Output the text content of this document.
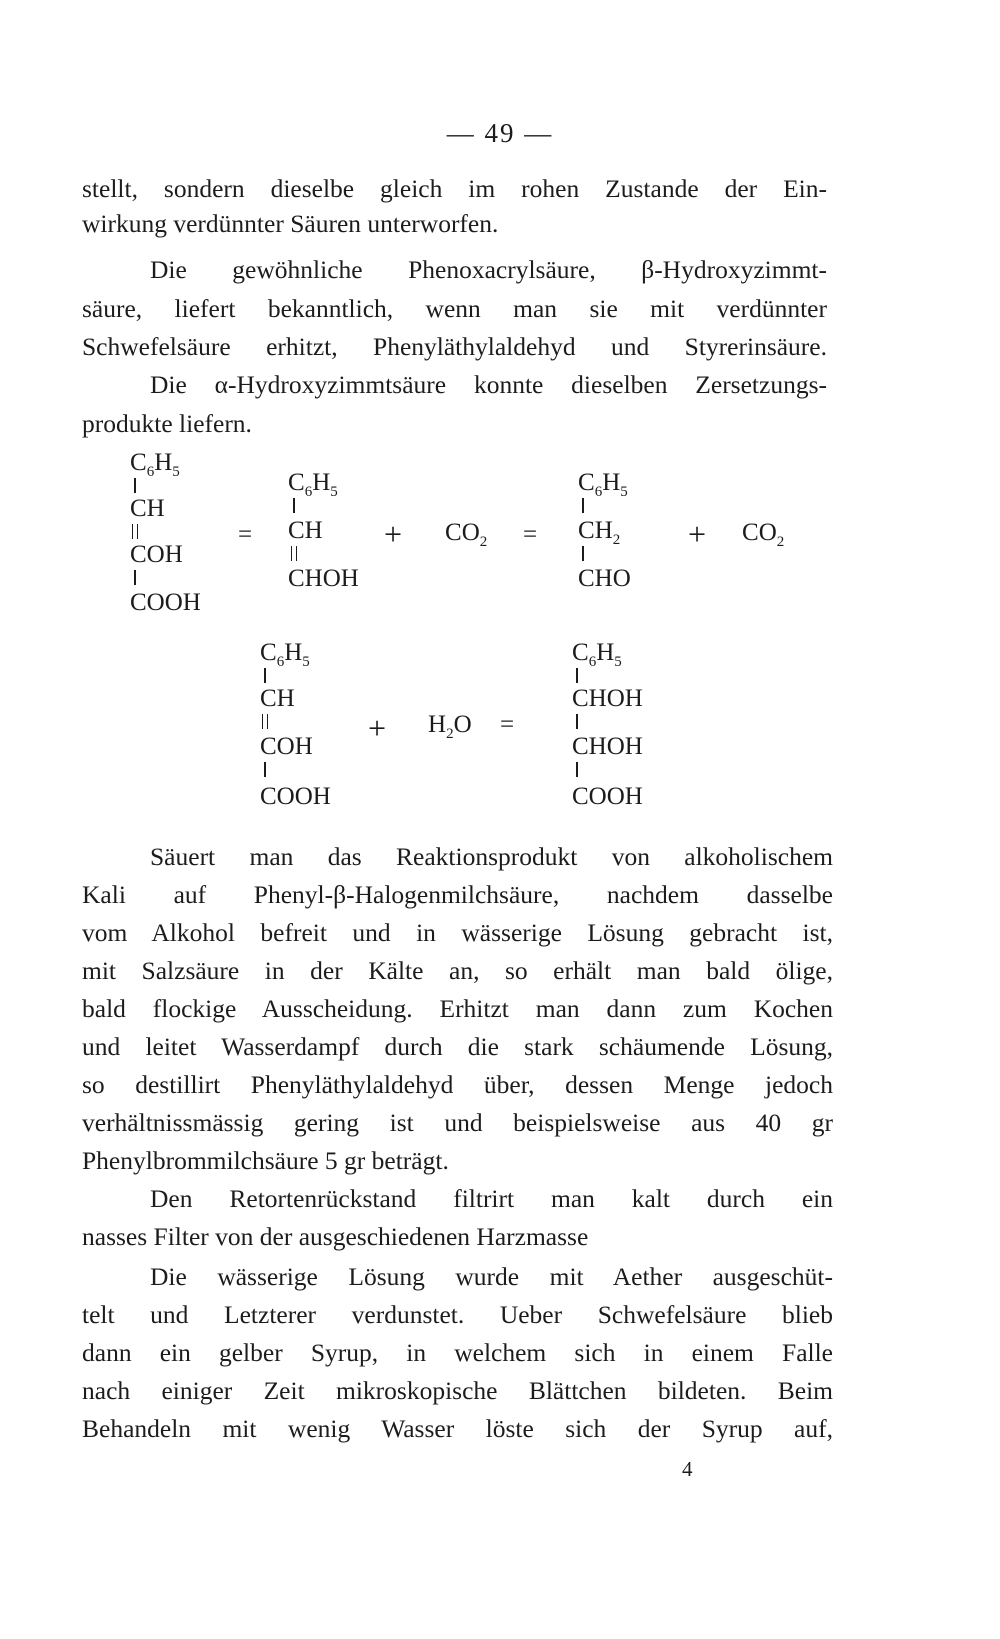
— 49 —
stellt, sondern dieselbe gleich im rohen Zustande der Ein-
wirkung verdünnter Säuren unterworfen.
Die gewöhnliche Phenoxacrylsäure, β-Hydroxyzimmt-
säure, liefert bekanntlich, wenn man sie mit verdünnter
Schwefelsäure erhitzt, Phenyläthylaldehyd und Styrerinsäure.
Die α-Hydroxyzimmtsäure konnte dieselben Zersetzungs-
produkte liefern.
$C_6H_5$
CH
COH
COOH
=
$C_6H_5$
CH
CHOH
+ $CO_2$ =
$C_6H_5$
$CH_2$
CHO
+ $CO_2$
$C_6H_5$
CH
COH
COOH
+ $H_2O$ =
$C_6H_5$
CHOH
CHOH
COOH
Säuert man das Reaktionsprodukt von alkoholischem
Kali auf Phenyl-β-Halogenmilchsäure, nachdem dasselbe
vom Alkohol befreit und in wässerige Lösung gebracht ist,
mit Salzsäure in der Kälte an, so erhält man bald ölige,
bald flockige Ausscheidung. Erhitzt man dann zum Kochen
und leitet Wasserdampf durch die stark schäumende Lösung,
so destillirt Phenyläthylaldehyd über, dessen Menge jedoch
verhältnissmässig gering ist und beispielsweise aus 40 gr
Phenylbrommilchsäure 5 gr beträgt.
Den Retortenrückstand filtrirt man kalt durch ein
nasses Filter von der ausgeschiedenen Harzmasse
Die wässerige Lösung wurde mit Aether ausgeschüt-
telt und Letzterer verdunstet. Ueber Schwefelsäure blieb
dann ein gelber Syrup, in welchem sich in einem Falle
nach einiger Zeit mikroskopische Blättchen bildeten. Beim
Behandeln mit wenig Wasser löste sich der Syrup auf,
4
